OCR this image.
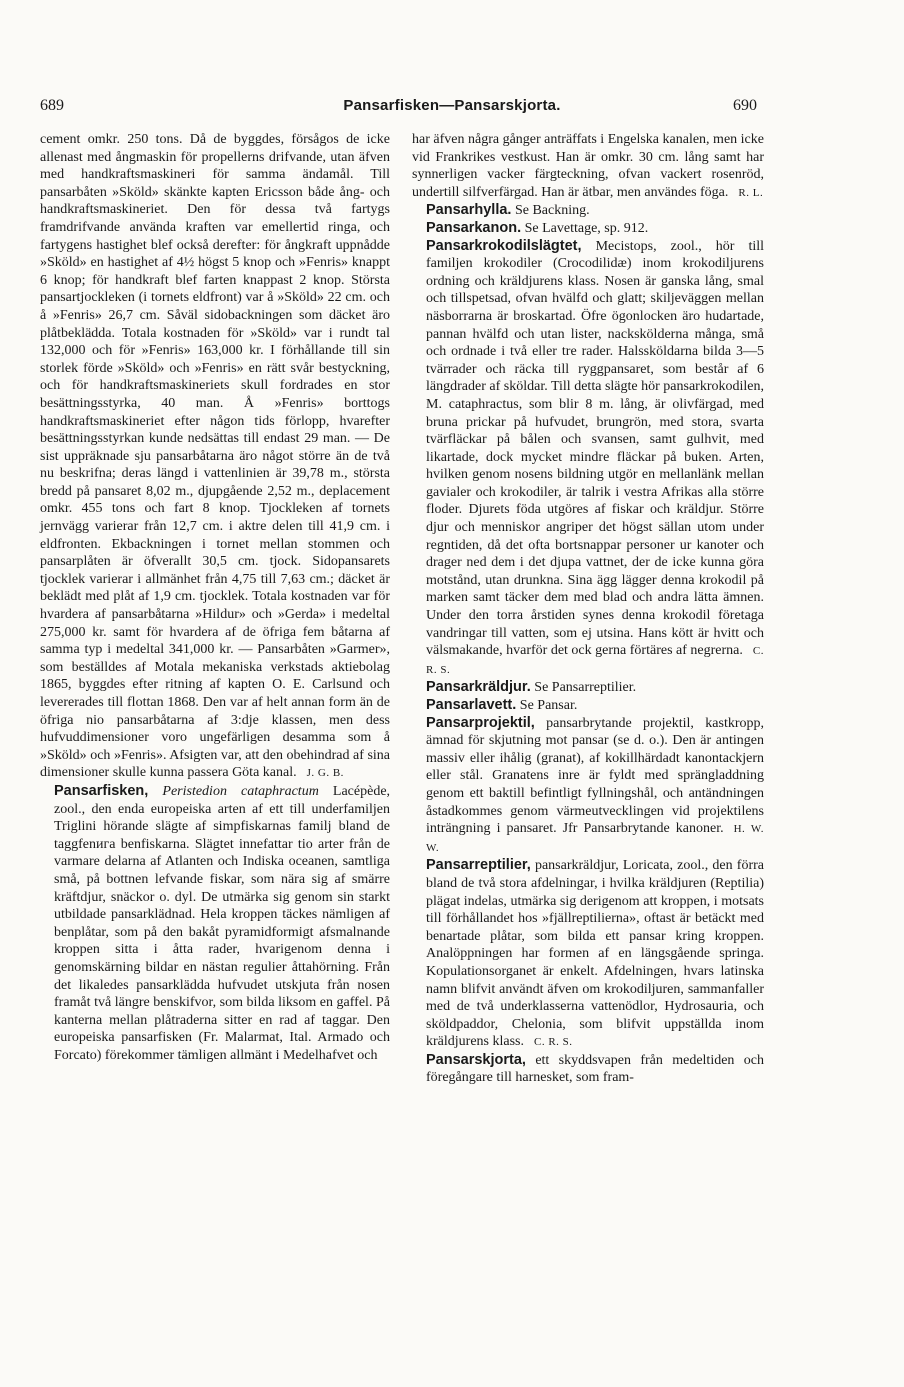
689	Pansarfisken—Pansarskjorta.	690

cement omkr. 250 tons. Då de byggdes, försågos de icke allenast med ångmaskin för propellerns drifvande, utan äfven med handkraftsmaskineri för samma ändamål. Till pansarbåten »Sköld» skänkte kapten Ericsson både ång- och handkraftsmaskineriet. Den för dessa två fartygs framdrifvande använda kraften var emellertid ringa, och fartygens hastighet blef också derefter: för ångkraft uppnådde »Sköld» en hastighet af 4½ högst 5 knop och »Fenris» knappt 6 knop; för handkraft blef farten knappast 2 knop. Största pansartjockleken (i tornets eldfront) var å »Sköld» 22 cm. och å »Fenris» 26,7 cm. Såväl sidobackningen som däcket äro plåtbeklädda. Totala kostnaden för »Sköld» var i rundt tal 132,000 och för »Fenris» 163,000 kr. I förhållande till sin storlek förde »Sköld» och »Fenris» en rätt svår bestyckning, och för handkraftsmaskineriets skull fordrades en stor besättningsstyrka, 40 man. Å »Fenris» borttogs handkraftsmaskineriet efter någon tids förlopp, hvarefter besättningsstyrkan kunde nedsättas till endast 29 man. — De sist uppräknade sju pansarbåtarna äro något större än de två nu beskrifna; deras längd i vattenlinien är 39,78 m., största bredd på pansaret 8,02 m., djupgående 2,52 m., deplacement omkr. 455 tons och fart 8 knop. Tjockleken af tornets jernvägg varierar från 12,7 cm. i aktre delen till 41,9 cm. i eldfronten. Ekbackningen i tornet mellan stommen och pansarplåten är öfverallt 30,5 cm. tjock. Sidopansarets tjocklek varierar i allmänhet från 4,75 till 7,63 cm.; däcket är beklädt med plåt af 1,9 cm. tjocklek. Totala kostnaden var för hvardera af pansarbåtarna »Hildur» och »Gerda» i medeltal 275,000 kr. samt för hvardera af de öfriga fem båtarna af samma typ i medeltal 341,000 kr. — Pansarbåten »Garmer», som beställdes af Motala mekaniska verkstads aktiebolag 1865, byggdes efter ritning af kapten O. E. Carlsund och levererades till flottan 1868. Den var af helt annan form än de öfriga nio pansarbåtarna af 3:dje klassen, men dess hufvuddimensioner voro ungefärligen desamma som å »Sköld» och »Fenris». Afsigten var, att den obehindrad af sina dimensioner skulle kunna passera Göta kanal. J. G. B.

Pansarfisken, Peristedion cataphractum Lacépède, zool., den enda europeiska arten af ett till underfamiljen Triglini hörande slägte af simpfiskarnas familj bland de taggfenига benfiskarna. Slägtet innefattar tio arter från de varmare delarna af Atlanten och Indiska oceanen, samtliga små, på bottnen lefvande fiskar, som nära sig af smärre kräftdjur, snäckor o. dyl. De utmärka sig genom sin starkt utbildade pansarklädnad. Hela kroppen täckes nämligen af benplåtar, som på den bakåt pyramidformigt afsmalnande kroppen sitta i åtta rader, hvarigenom denna i genomskärning bildar en nästan regulier åttahörning. Från det likaledes pansarklädda hufvudet utskjuta från nosen framåt två längre benskifvor, som bilda liksom en gaffel. På kanterna mellan plåtraderna sitter en rad af taggar. Den europeiska pansarfisken (Fr. Malarmat, Ital. Armado och Forcato) förekommer tämligen allmänt i Medelhafvet och

har äfven några gånger anträffats i Engelska kanalen, men icke vid Frankrikes vestkust. Han är omkr. 30 cm. lång samt har synnerligen vacker färgteckning, ofvan vackert rosenröd, undertill silfverfärgad. Han är ätbar, men användes föga. R. L.

Pansarhylla. Se Backning.

Pansarkanon. Se Lavettage, sp. 912.

Pansarkrokodilslägtet, Mecistops, zool., hör till familjen krokodiler (Crocodilidæ) inom krokodiljurens ordning och kräldjurens klass. Nosen är ganska lång, smal och tillspetsad, ofvan hvälfd och glatt; skiljeväggen mellan näsborrarna är broskartad. Öfre ögonlocken äro hudartade, pannan hvälfd och utan lister, nackskölderna många, små och ordnade i två eller tre rader. Halssköldarna bilda 3—5 tvärrader och räcka till ryggpansaret, som består af 6 längdrader af sköldar. Till detta slägte hör pansarkrokodilen, M. cataphractus, som blir 8 m. lång, är olivfärgad, med bruna prickar på hufvudet, brungrön, med stora, svarta tvärfläckar på bålen och svansen, samt gulhvit, med likartade, dock mycket mindre fläckar på buken. Arten, hvilken genom nosens bildning utgör en mellanlänk mellan gavialer och krokodiler, är talrik i vestra Afrikas alla större floder. Djurets föda utgöres af fiskar och kräldjur. Större djur och menniskor angriper det högst sällan utom under regntiden, då det ofta bortsnappar personer ur kanoter och drager ned dem i det djupa vattnet, der de icke kunna göra motstånd, utan drunkna. Sina ägg lägger denna krokodil på marken samt täcker dem med blad och andra lätta ämnen. Under den torra årstiden synes denna krokodil företaga vandringar till vatten, som ej utsina. Hans kött är hvitt och välsmakande, hvarför det ock gerna förtäres af negrerna. C. R. S.

Pansarkräldjur. Se Pansarreptilier.

Pansarlavett. Se Pansar.

Pansarprojektil, pansarbrytande projektil, kastkropp, ämnad för skjutning mot pansar (se d. o.). Den är antingen massiv eller ihålig (granat), af kokillhärdadt kanontackjern eller stål. Granatens inre är fyldt med sprängladdning genom ett baktill befintligt fyllningshål, och antändningen åstadkommes genom värmeutvecklingen vid projektilens inträngning i pansaret. Jfr Pansarbrytande kanoner. H. W. W.

Pansarreptilier, pansarkräldjur, Loricata, zool., den förra bland de två stora afdelningar, i hvilka kräldjuren (Reptilia) plägat indelas, utmärka sig derigenom att kroppen, i motsats till förhållandet hos »fjällreptilierna», oftast är betäckt med benartade plåtar, som bilda ett pansar kring kroppen. Analöppningen har formen af en längsgående springa. Kopulationsorganet är enkelt. Afdelningen, hvars latinska namn blifvit användt äfven om krokodiljuren, sammanfaller med de två underklasserna vattenödlor, Hydrosauria, och sköldpaddor, Chelonia, som blifvit uppställda inom kräldjurens klass. C. R. S.

Pansarskjorta, ett skyddsvapen från medeltiden och föregångare till harnesket, som fram-
